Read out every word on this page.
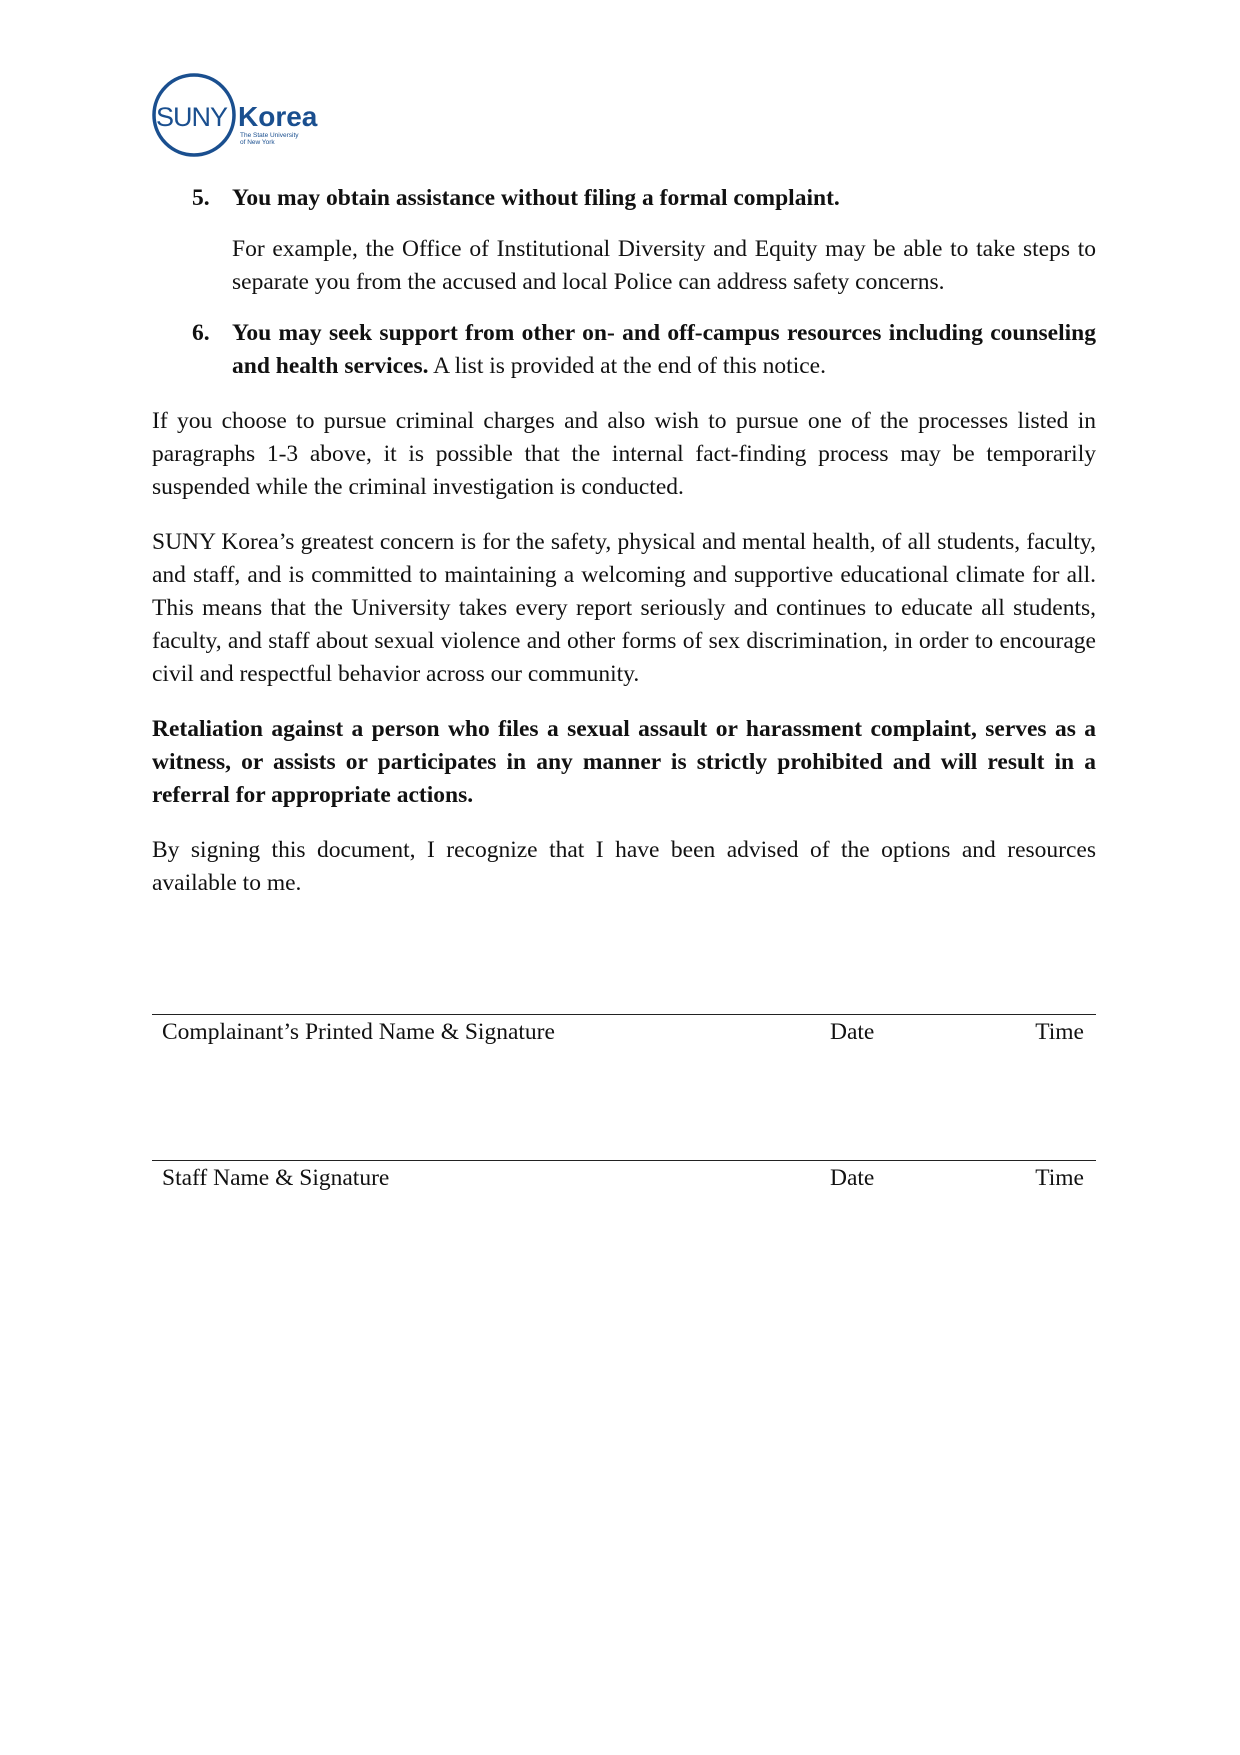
SUNY Korea
The State University
of New York
5. You may obtain assistance without filing a formal complaint.

For example, the Office of Institutional Diversity and Equity may be able to take steps to separate you from the accused and local Police can address safety concerns.

6. You may seek support from other on- and off-campus resources including counseling and health services. A list is provided at the end of this notice.

If you choose to pursue criminal charges and also wish to pursue one of the processes listed in paragraphs 1-3 above, it is possible that the internal fact-finding process may be temporarily suspended while the criminal investigation is conducted.

SUNY Korea’s greatest concern is for the safety, physical and mental health, of all students, faculty, and staff, and is committed to maintaining a welcoming and supportive educational climate for all. This means that the University takes every report seriously and continues to educate all students, faculty, and staff about sexual violence and other forms of sex discrimination, in order to encourage civil and respectful behavior across our community.

Retaliation against a person who files a sexual assault or harassment complaint, serves as a witness, or assists or participates in any manner is strictly prohibited and will result in a referral for appropriate actions.

By signing this document, I recognize that I have been advised of the options and resources available to me.

Complainant’s Printed Name & Signature	Date	Time
Staff Name & Signature	Date	Time
